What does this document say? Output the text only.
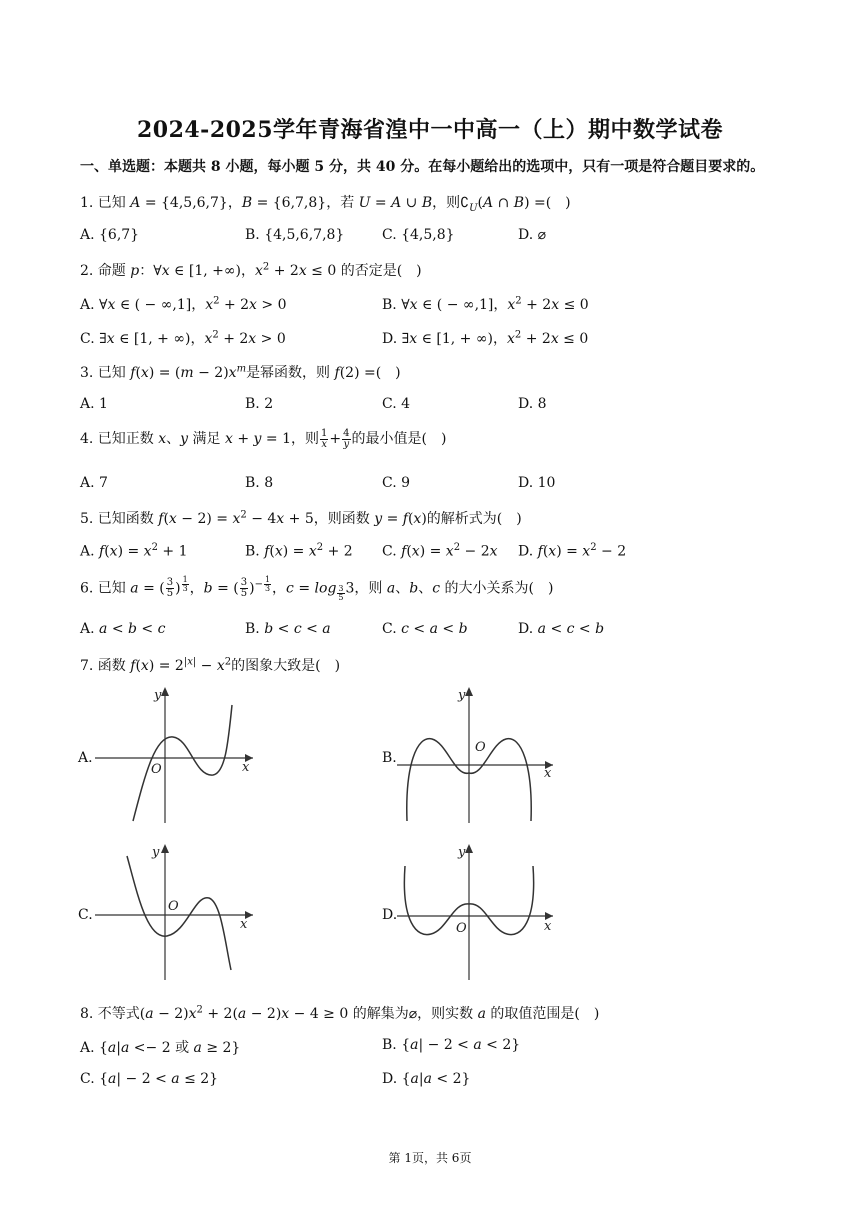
2024-2025学年青海省湟中一中高一（上）期中数学试卷
一、单选题：本题共 8 小题，每小题 5 分，共 40 分。在每小题给出的选项中，只有一项是符合题目要求的。
1. 已知 A = {4,5,6,7}，B = {6,7,8}，若 U = A ∪ B，则$∁_U(A$ ∩ B) =(　)
A. {6,7}	B. {4,5,6,7,8}	C. {4,5,8}	D. ⌀
2. 命题 p：∀x ∈ [1, +∞)，$x^2 + 2x \le 0$ 的否定是(　)
A. ∀x ∈ ( − ∞,1]，$x^2 + 2x > 0$	B. ∀x ∈ ( − ∞,1]，$x^2 + 2x \le 0$
C. ∃x ∈ [1, + ∞)，$x^2 + 2x > 0$	D. ∃x ∈ [1, + ∞)，$x^2 + 2x \le 0$
3. 已知 $f(x) = (m - 2)x^m$是幂函数，则 f(2) =(　)
A. 1	B. 2	C. 4	D. 8
4. 已知正数 x、y 满足 x + y = 1，则 $\frac{1}{x} + \frac{4}{y}$ 的最小值是(　)
A. 7	B. 8	C. 9	D. 10
5. 已知函数 $f(x - 2) = x^2 - 4x + 5$，则函数 y = f(x)的解析式为(　)
A. $f(x) = x^2 + 1$	B. $f(x) = x^2 + 2$ C. $f(x) = x^2 - 2x$ D. $f(x) = x^2 - 2$
6. 已知 a = ( $\frac{3}{5}$ ) $^{\frac{1}{3}}$ ，b = ( $\frac{3}{5} )^{- \frac{1}{3}}$ ，c = log $_{\frac{3}{5}}$ 3，则 a、b、c 的大小关系为(　)
A. a < b < c	B. b < c < a	C. c < a < b	D. a < c < b
7. 函数 $f(x) = 2^{|x|} - x^2$的图象大致是(　)
A.
y
x
O
B.
y
x
O
C.
y
x
O
D.
y
x
O
8. 不等式$(a - 2)x^2 + 2(a - 2)x - 4 \ge 0$ 的解集为⌀，则实数 a 的取值范围是(　)
A. {a|a <− 2 或 a ≥ 2}	B. {a| − 2 < a < 2}
C. {a| − 2 < a ≤ 2}	D. {a|a < 2}
第 1页，共 6页
